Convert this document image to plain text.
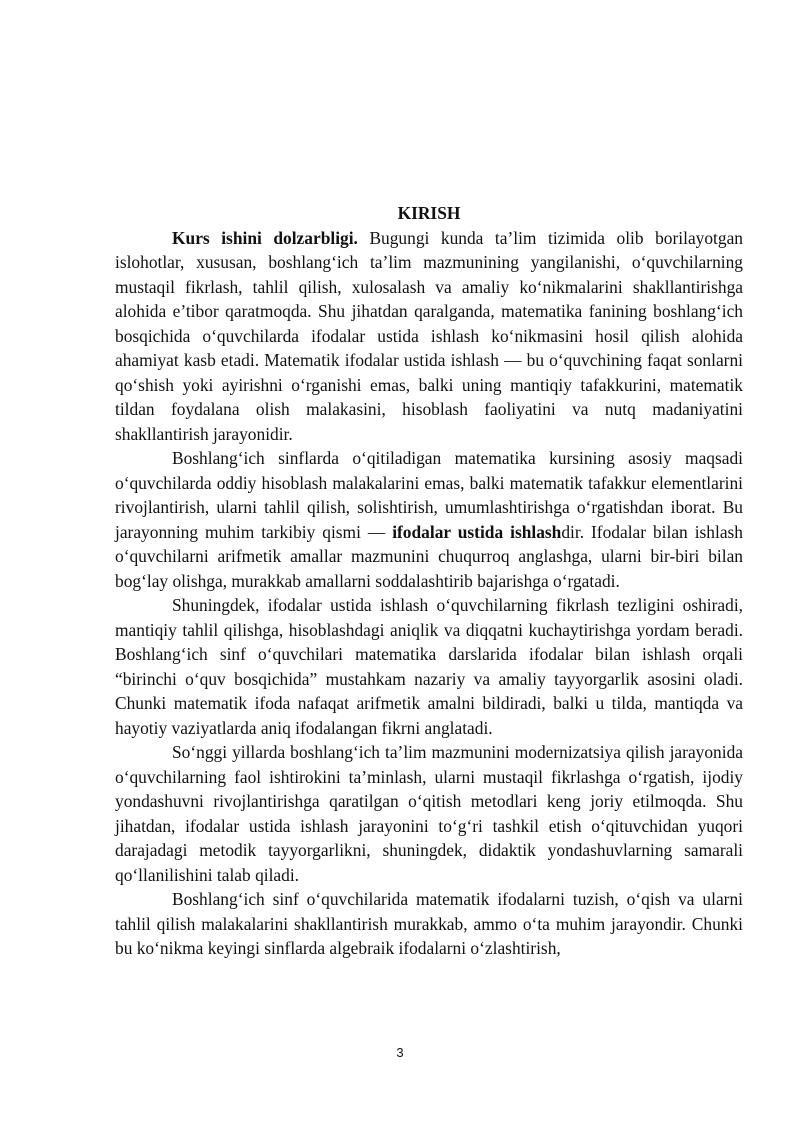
KIRISH

Kurs ishini dolzarbligi. Bugungi kunda ta’lim tizimida olib borilayotgan islohotlar, xususan, boshlang‘ich ta’lim mazmunining yangilanishi, o‘quvchilarning mustaqil fikrlash, tahlil qilish, xulosalash va amaliy ko‘nikmalarini shakllantirishga alohida e’tibor qaratmoqda. Shu jihatdan qaralganda, matematika fanining boshlang‘ich bosqichida o‘quvchilarda ifodalar ustida ishlash ko‘nikmasini hosil qilish alohida ahamiyat kasb etadi. Matematik ifodalar ustida ishlash — bu o‘quvchining faqat sonlarni qo‘shish yoki ayirishni o‘rganishi emas, balki uning mantiqiy tafakkurini, matematik tildan foydalana olish malakasini, hisoblash faoliyatini va nutq madaniyatini shakllantirish jarayonidir.

Boshlang‘ich sinflarda o‘qitiladigan matematika kursining asosiy maqsadi o‘quvchilarda oddiy hisoblash malakalarini emas, balki matematik tafakkur elementlarini rivojlantirish, ularni tahlil qilish, solishtirish, umumlashtirishga o‘rgatishdan iborat. Bu jarayonning muhim tarkibiy qismi — ifodalar ustida ishlashdir. Ifodalar bilan ishlash o‘quvchilarni arifmetik amallar mazmunini chuqurroq anglashga, ularni bir-biri bilan bog‘lay olishga, murakkab amallarni soddalashtirib bajarishga o‘rgatadi.

Shuningdek, ifodalar ustida ishlash o‘quvchilarning fikrlash tezligini oshiradi, mantiqiy tahlil qilishga, hisoblashdagi aniqlik va diqqatni kuchaytirishga yordam beradi. Boshlang‘ich sinf o‘quvchilari matematika darslarida ifodalar bilan ishlash orqali “birinchi o‘quv bosqichida” mustahkam nazariy va amaliy tayyorgarlik asosini oladi. Chunki matematik ifoda nafaqat arifmetik amalni bildiradi, balki u tilda, mantiqda va hayotiy vaziyatlarda aniq ifodalangan fikrni anglatadi.

So‘nggi yillarda boshlang‘ich ta’lim mazmunini modernizatsiya qilish jarayonida o‘quvchilarning faol ishtirokini ta’minlash, ularni mustaqil fikrlashga o‘rgatish, ijodiy yondashuvni rivojlantirishga qaratilgan o‘qitish metodlari keng joriy etilmoqda. Shu jihatdan, ifodalar ustida ishlash jarayonini to‘g‘ri tashkil etish o‘qituvchidan yuqori darajadagi metodik tayyorgarlikni, shuningdek, didaktik yondashuvlarning samarali qo‘llanilishini talab qiladi.

Boshlang‘ich sinf o‘quvchilarida matematik ifodalarni tuzish, o‘qish va ularni tahlil qilish malakalarini shakllantirish murakkab, ammo o‘ta muhim jarayondir. Chunki bu ko‘nikma keyingi sinflarda algebraik ifodalarni o‘zlashtirish,

3
